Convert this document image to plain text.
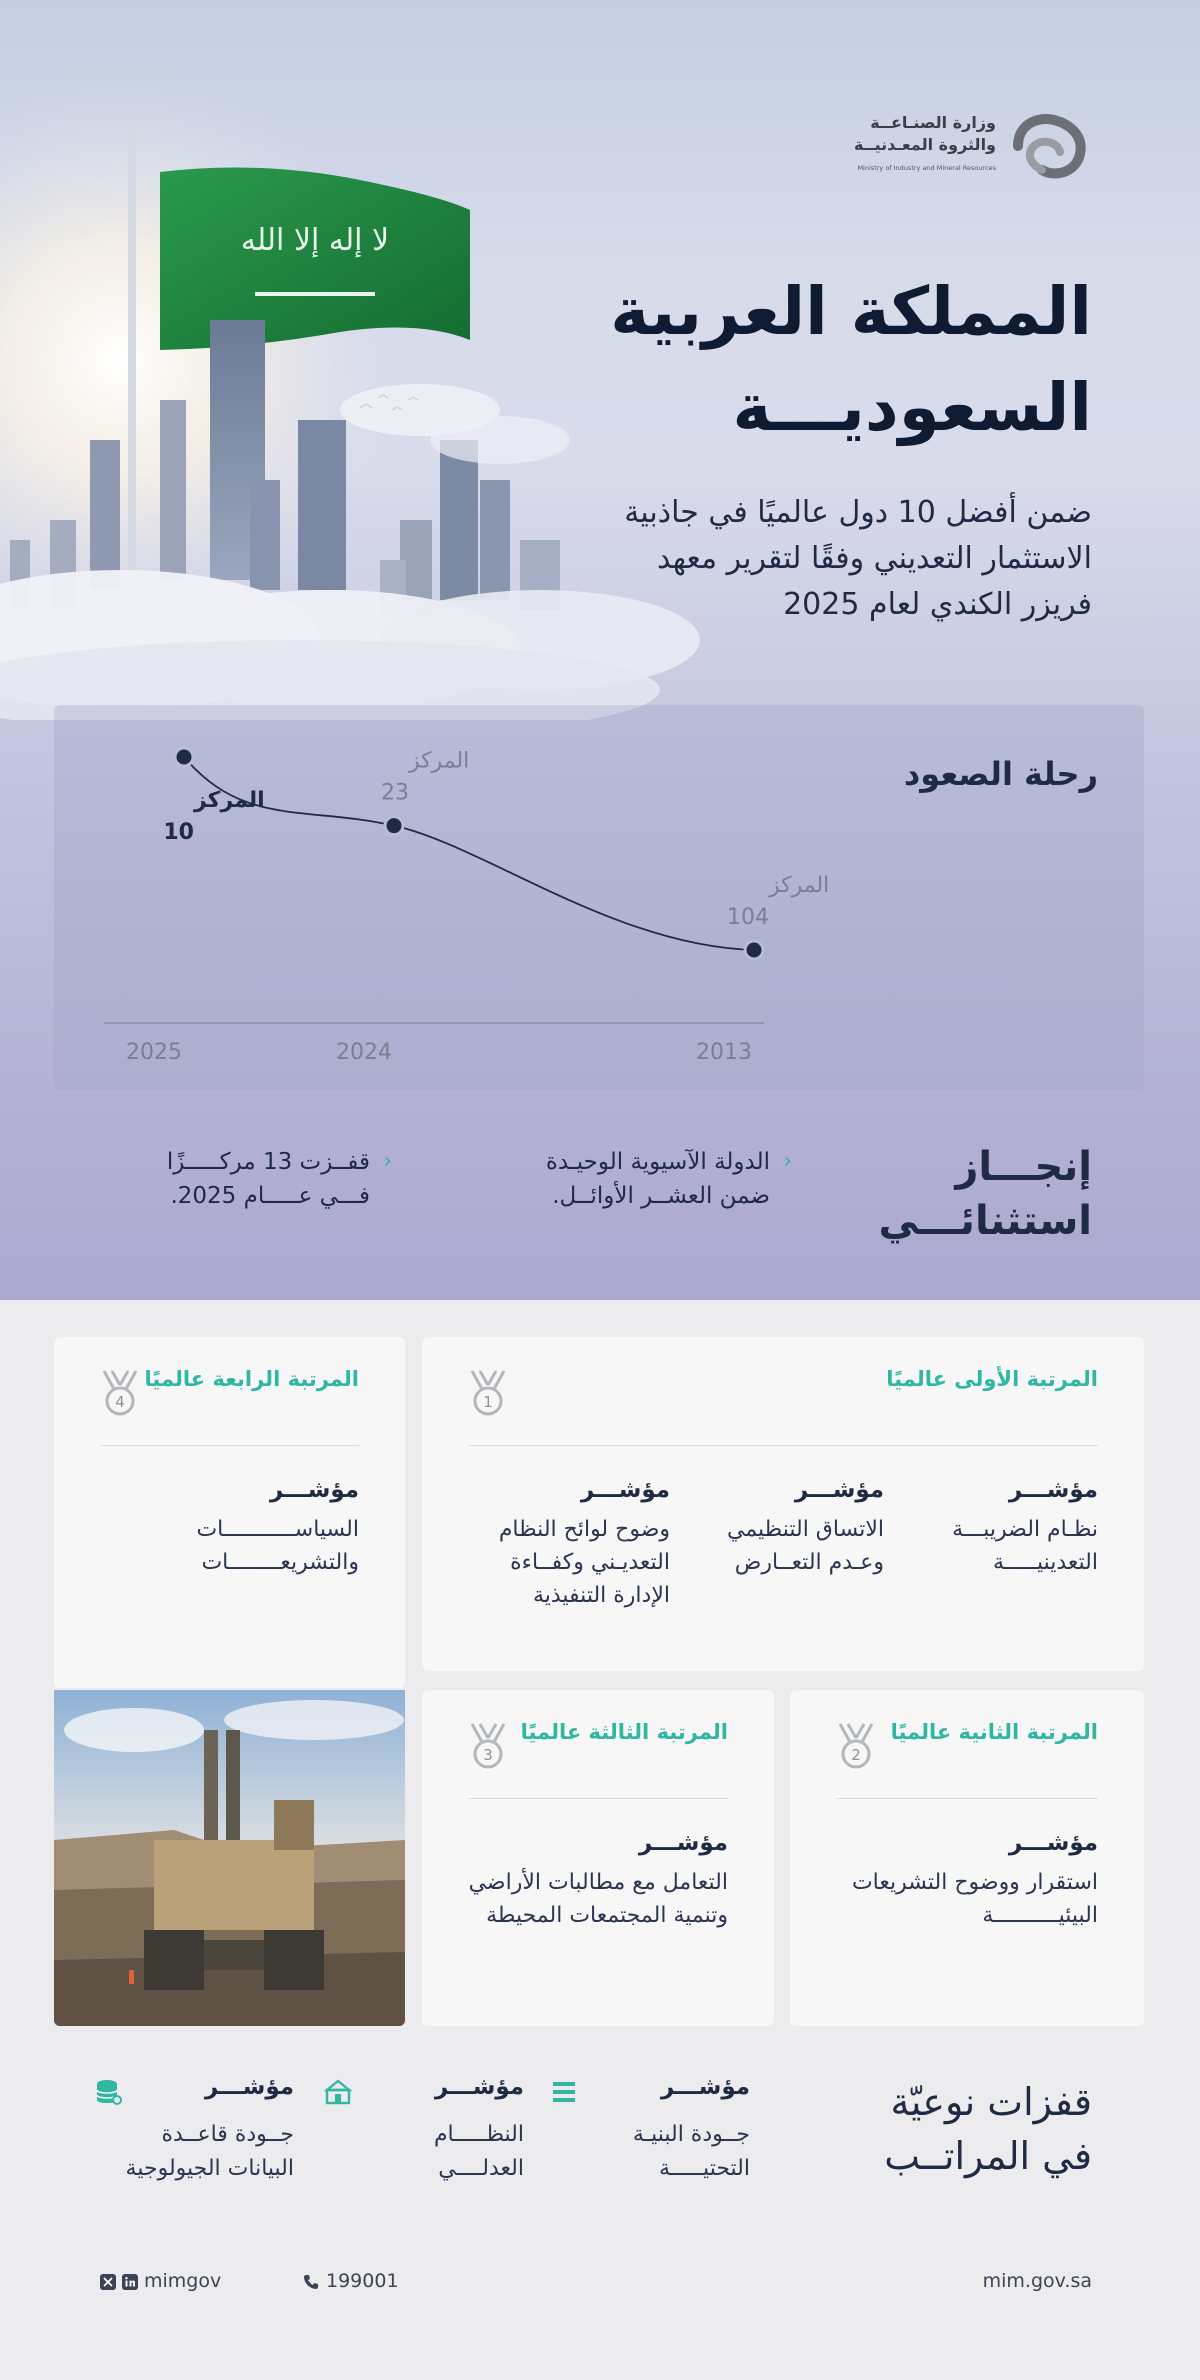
لا إله إلا الله
وزارة الصنـاعــة
والثروة المعـدنيــة
Ministry of Industry and Mineral Resources
المملكة العربية
السعوديـــة
ضمن أفضل 10 دول عالميًا في جاذبية
الاستثمار التعديني وفقًا لتقرير معهد
فريزر الكندي لعام 2025
رحلة الصعود
2025
المركز
10
2024
المركز
23
2013
المركز
104
إنجـــاز
استثنائـــي
‹
الدولة الآسيوية الوحيـدة
ضمن العشــر الأوائــل.
‹
قفــزت 13 مركـــــزًا
فـــي عـــــام 2025.
المرتبة الأولى عالميًا
1
مؤشـــر
نظـام الضريبـــة
التعدينيـــــة
مؤشـــر
الاتساق التنظيمي
وعـدم التعــارض
مؤشـــر
وضوح لوائح النظام
التعديـني وكفــاءة
الإدارة التنفيذية
المرتبة الرابعة عالميًا
4
مؤشـــر
السياســـــــــــات
والتشريعــــــــات
المرتبة الثانية عالميًا
2
مؤشـــر
استقرار ووضوح التشريعات
البيئيــــــــــة
المرتبة الثالثة عالميًا
3
مؤشـــر
التعامل مع مطالبات الأراضي
وتنمية المجتمعات المحيطة
قفزات نوعيّة
في المراتــب
مؤشـــر
جــودة البنيـة
التحتيـــــة
مؤشـــر
النظـــــام
العدلــــي
مؤشـــر
جــودة قاعــدة
البيانات الجيولوجية
mim.gov.sa
199001
mimgov
